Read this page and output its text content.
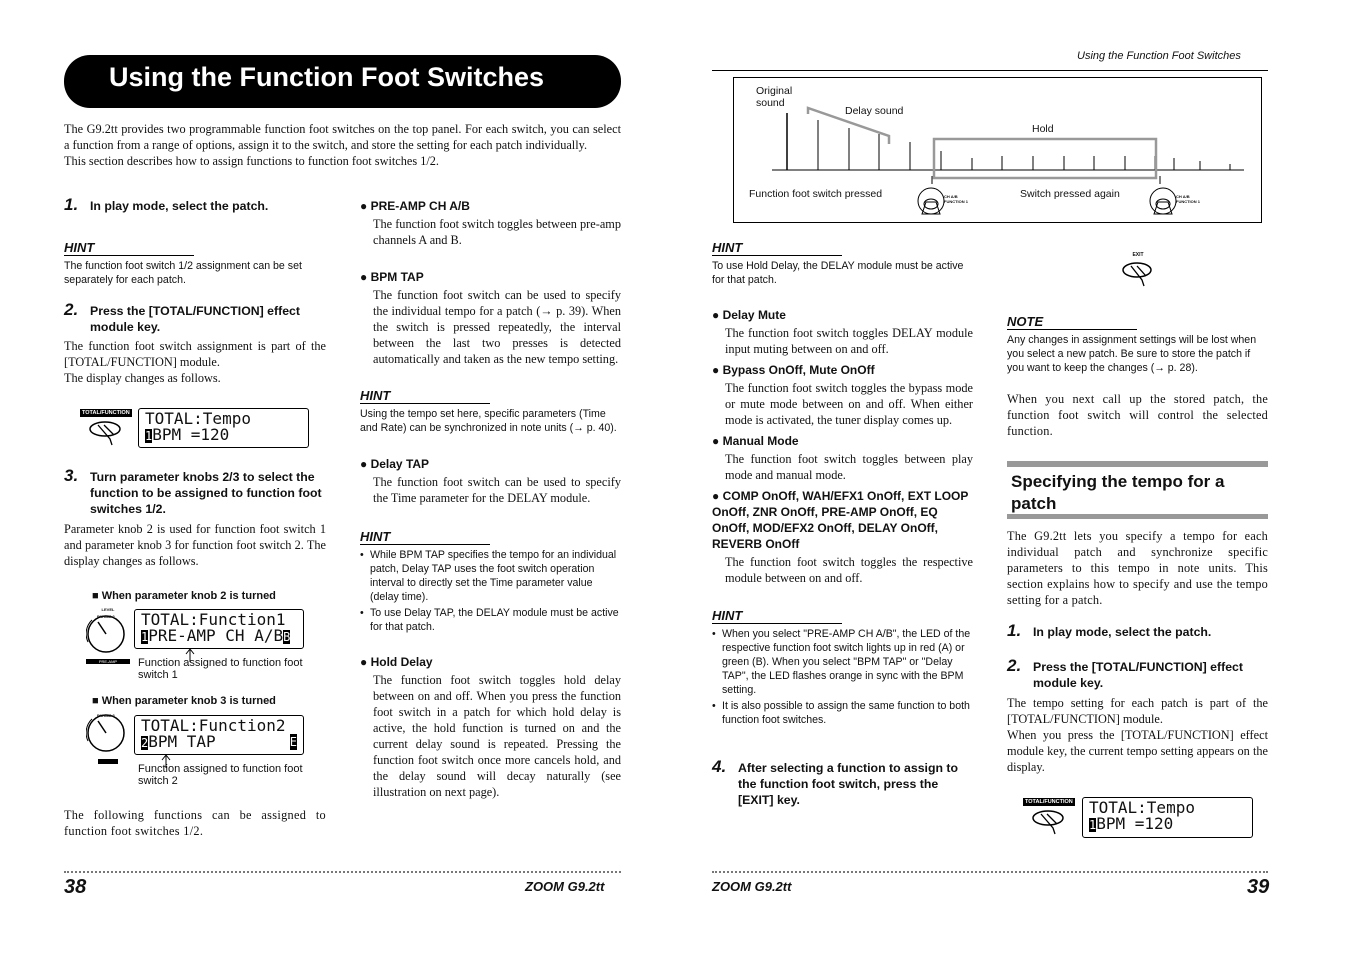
Using the Function Foot Switches

The G9.2tt provides two programmable function foot switches on the top panel. For each switch, you can select a function from a range of options, assign it to the switch, and store the setting for each patch individually.

This section describes how to assign functions to function foot switches 1/2.

1. In play mode, select the patch.
HINT
The function foot switch 1/2 assignment can be set separately for each patch.
2. Press the [TOTAL/FUNCTION] effect module key.

The function foot switch assignment is part of the [TOTAL/FUNCTION] module.

The display changes as follows.

TOTAL/FUNCTION TOTAL:Tempo
1BPM =120
3. Turn parameter knobs 2/3 to select the function to be assigned to function foot switches 1/2.

Parameter knob 2 is used for function foot switch 1 and parameter knob 3 for function foot switch 2. The display changes as follows.

■ When parameter knob 2 is turned
LEVEL
PRE-AMP
PARAM 2 TOTAL:Function1
1PRE-AMP CH A/BB
Function assigned to function foot switch 1
■ When parameter knob 3 is turned
PARAM 3
TOTAL:Function2
2BPM TAP	E
Function assigned to function foot switch 2

The following functions can be assigned to function foot switches 1/2.

● PRE-AMP CH A/B

The function foot switch toggles between pre-amp channels A and B.

● BPM TAP

The function foot switch can be used to specify the individual tempo for a patch (→ p. 39). When the switch is pressed repeatedly, the interval between the last two presses is detected automatically and taken as the new tempo setting.

HINT
Using the tempo set here, specific parameters (Time and Rate) can be synchronized in note units (→ p. 40).
● Delay TAP

The function foot switch can be used to specify the Time parameter for the DELAY module.

HINT
• While BPM TAP specifies the tempo for an individual patch, Delay TAP uses the foot switch operation interval to directly set the Time parameter value (delay time).
• To use Delay TAP, the DELAY module must be active for that patch.
● Hold Delay

The function foot switch toggles hold delay between on and off. When you press the function foot switch in a patch for which hold delay is active, the hold function is turned on and the current delay sound is repeated. Pressing the function foot switch once more cancels hold, and the delay sound will decay naturally (see illustration on next page).

38	ZOOM G9.2tt
Using the Function Foot Switches
Original
sound
Delay sound
Hold
Function foot switch pressed	Switch pressed again
CH A/B FUNCTION 1
CH A/B FUNCTION 1
HINT
To use Hold Delay, the DELAY module must be active for that patch.
● Delay Mute

The function foot switch toggles DELAY module input muting between on and off.

● Bypass OnOff, Mute OnOff

The function foot switch toggles the bypass mode or mute mode between on and off. When either mode is activated, the tuner display comes up.

● Manual Mode

The function foot switch toggles between play mode and manual mode.

● COMP OnOff, WAH/EFX1 OnOff, EXT LOOP OnOff, ZNR OnOff, PRE-AMP OnOff, EQ OnOff, MOD/EFX2 OnOff, DELAY OnOff, REVERB OnOff

The function foot switch toggles the respective module between on and off.

HINT
• When you select "PRE-AMP CH A/B", the LED of the respective function foot switch lights up in red (A) or green (B). When you select "BPM TAP" or "Delay TAP", the LED flashes orange in sync with the BPM setting.
• It is also possible to assign the same function to both function foot switches.
4. After selecting a function to assign to the function foot switch, press the [EXIT] key.
EXIT
NOTE
Any changes in assignment settings will be lost when you select a new patch. Be sure to store the patch if you want to keep the changes (→ p. 28).

When you next call up the stored patch, the function foot switch will control the selected function.

Specifying the tempo for a patch

The G9.2tt lets you specify a tempo for each individual patch and synchronize specific parameters to this tempo in note units. This section explains how to specify and use the tempo setting for a patch.

1. In play mode, select the patch.
2. Press the [TOTAL/FUNCTION] effect module key.

The tempo setting for each patch is part of the [TOTAL/FUNCTION] module.

When you press the [TOTAL/FUNCTION] effect module key, the current tempo setting appears on the display.

TOTAL/FUNCTION TOTAL:Tempo
1BPM =120
ZOOM G9.2tt	39
